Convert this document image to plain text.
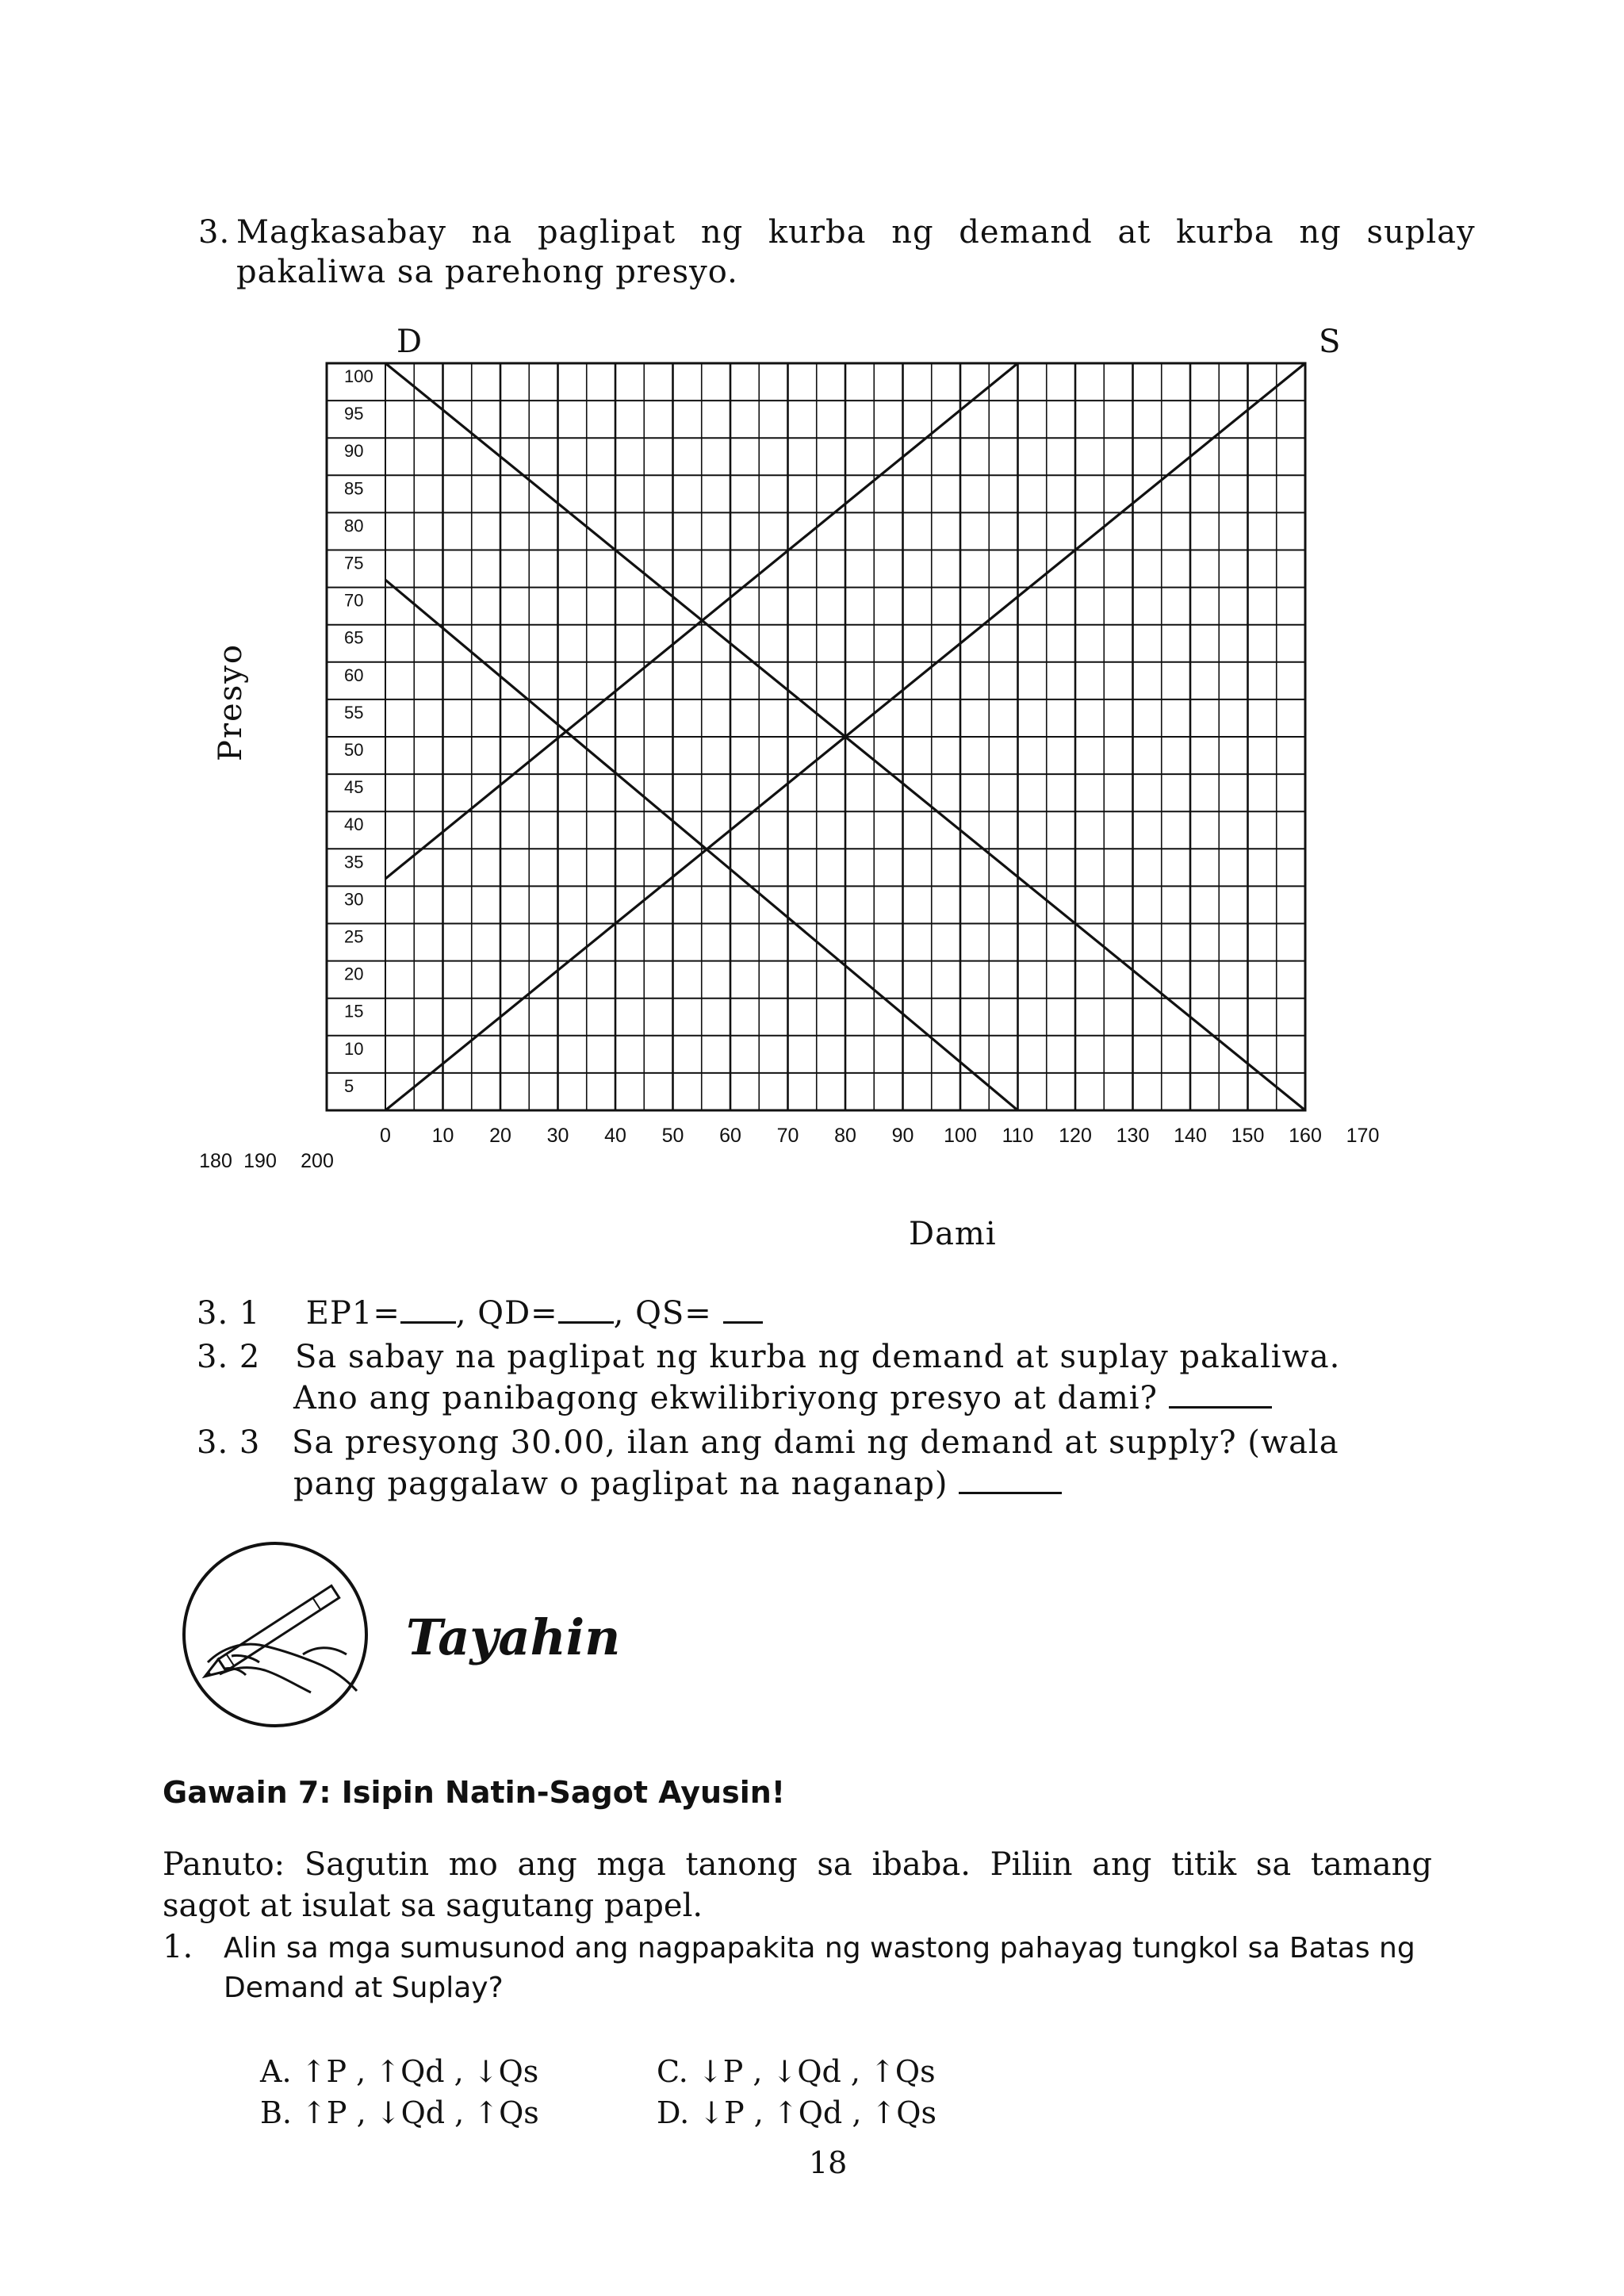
3. Magkasabay na paglipat ng kurba ng demand at kurba ng suplay
pakaliwa sa parehong presyo.
100
95
90
85
80
75
70
65
60
55
50
45
40
35
30
25
20
15
10
5
0 10 20 30 40 50 60 70 80 90 100 110 120 130 140 150 160 170
180 190 200
D	S
Presyo
Dami
3. 1 EP1= , QD= , QS=
3. 2 Sa sabay na paglipat ng kurba ng demand at suplay pakaliwa.
Ano ang panibagong ekwilibriyong presyo at dami?
3. 3 Sa presyong 30.00, ilan ang dami ng demand at supply? (wala
pang paggalaw o paglipat na naganap)
Tayahin
Gawain 7: Isipin Natin-Sagot Ayusin!
Panuto: Sagutin mo ang mga tanong sa ibaba. Piliin ang titik sa tamang
sagot at isulat sa sagutang papel.
1. Alin sa mga sumusunod ang nagpapakita ng wastong pahayag tungkol sa Batas ng
Demand at Suplay?
A. ↑P , ↑Qd , ↓Qs
B. ↑P , ↓Qd , ↑Qs
C. ↓P , ↓Qd , ↑Qs
D. ↓P , ↑Qd , ↑Qs
18
